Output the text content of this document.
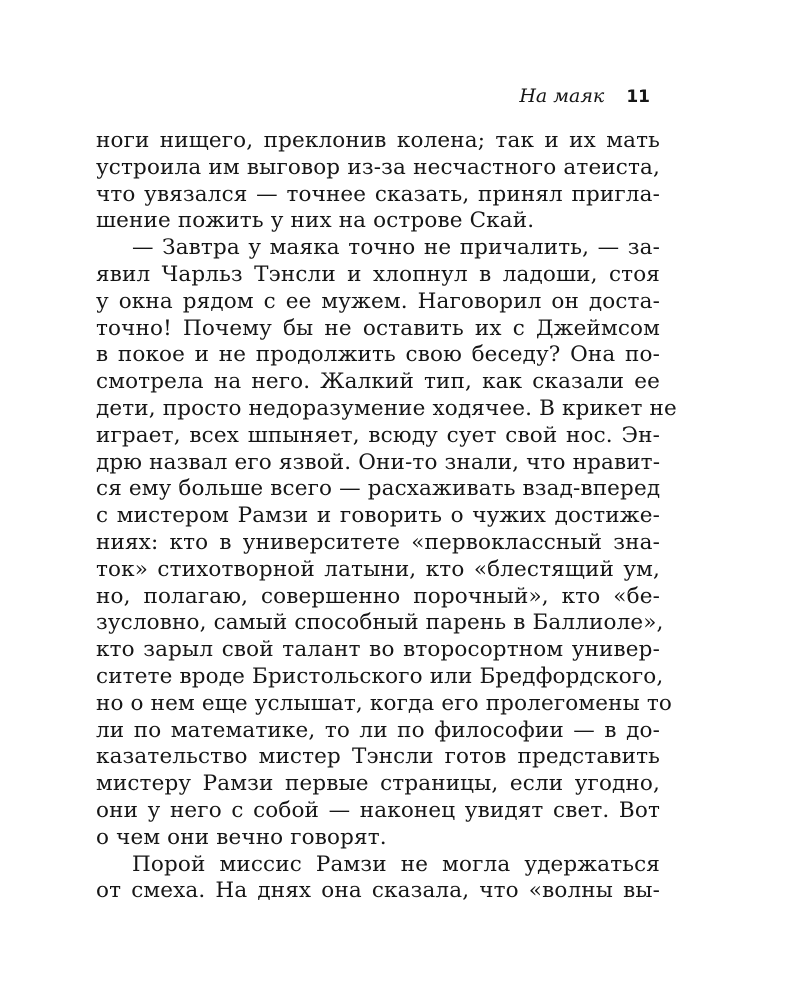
На маяк 11
ноги нищего, преклонив колена; так и их мать
устроила им выговор из-за несчастного атеиста,
что увязался — точнее сказать, принял пригла-
шение пожить у них на острове Скай.
— Завтра у маяка точно не причалить, — за-
явил Чарльз Тэнсли и хлопнул в ладоши, стоя
у окна рядом с ее мужем. Наговорил он доста-
точно! Почему бы не оставить их с Джеймсом
в покое и не продолжить свою беседу? Она по-
смотрела на него. Жалкий тип, как сказали ее
дети, просто недоразумение ходячее. В крикет не
играет, всех шпыняет, всюду сует свой нос. Эн-
дрю назвал его язвой. Они-то знали, что нравит-
ся ему больше всего — расхаживать взад-вперед
с мистером Рамзи и говорить о чужих достиже-
ниях: кто в университете «первоклассный зна-
ток» стихотворной латыни, кто «блестящий ум,
но, полагаю, совершенно порочный», кто «бе-
зусловно, самый способный парень в Баллиоле»,
кто зарыл свой талант во второсортном универ-
ситете вроде Бристольского или Бредфордского,
но о нем еще услышат, когда его пролегомены то
ли по математике, то ли по философии — в до-
казательство мистер Тэнсли готов представить
мистеру Рамзи первые страницы, если угодно,
они у него с собой — наконец увидят свет. Вот
о чем они вечно говорят.
Порой миссис Рамзи не могла удержаться
от смеха. На днях она сказала, что «волны вы-
